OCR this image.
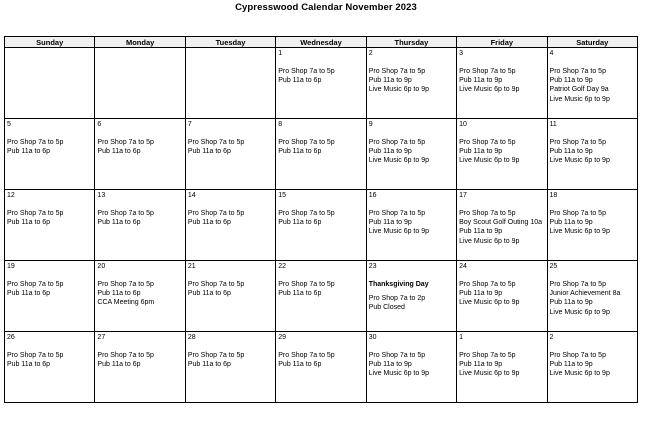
Cypresswood Calendar November 2023
Sunday	Monday	Tuesday	Wednesday	Thursday	Friday	Saturday

			1
Pro Shop 7a to 5p
Pub 11a to 6p	2
Pro Shop 7a to 5p
Pub 11a to 9p
Live Music 6p to 9p	3
Pro Shop 7a to 5p
Pub 11a to 9p
Live Music 6p to 9p	4
Pro Shop 7a to 5p
Pub 11a to 9p
Patriot Golf Day 9a
Live Music 6p to 9p

5
Pro Shop 7a to 5p
Pub 11a to 6p	6
Pro Shop 7a to 5p
Pub 11a to 6p	7
Pro Shop 7a to 5p
Pub 11a to 6p	8
Pro Shop 7a to 5p
Pub 11a to 6p	9
Pro Shop 7a to 5p
Pub 11a to 9p
Live Music 6p to 9p	10
Pro Shop 7a to 5p
Pub 11a to 9p
Live Music 6p to 9p	11
Pro Shop 7a to 5p
Pub 11a to 9p
Live Music 6p to 9p

12
Pro Shop 7a to 5p
Pub 11a to 6p	13
Pro Shop 7a to 5p
Pub 11a to 6p	14
Pro Shop 7a to 5p
Pub 11a to 6p	15
Pro Shop 7a to 5p
Pub 11a to 6p	16
Pro Shop 7a to 5p
Pub 11a to 9p
Live Music 6p to 9p	17
Pro Shop 7a to 5p
Boy Scout Golf Outing 10a
Pub 11a to 9p
Live Music 6p to 9p	18
Pro Shop 7a to 5p
Pub 11a to 9p
Live Music 6p to 9p

19
Pro Shop 7a to 5p
Pub 11a to 6p	20
Pro Shop 7a to 5p
Pub 11a to 6p
CCA Meeting 6pm	21
Pro Shop 7a to 5p
Pub 11a to 6p	22
Pro Shop 7a to 5p
Pub 11a to 6p	23
Thanksgiving Day
Pro Shop 7a to 2p
Pub Closed	24
Pro Shop 7a to 5p
Pub 11a to 9p
Live Music 6p to 9p	25
Pro Shop 7a to 5p
Junior Achievement 8a
Pub 11a to 9p
Live Music 6p to 9p

26
Pro Shop 7a to 5p
Pub 11a to 6p	27
Pro Shop 7a to 5p
Pub 11a to 6p	28
Pro Shop 7a to 5p
Pub 11a to 6p	29
Pro Shop 7a to 5p
Pub 11a to 6p	30
Pro Shop 7a to 5p
Pub 11a to 9p
Live Music 6p to 9p	1
Pro Shop 7a to 5p
Pub 11a to 9p
Live Music 6p to 9p	2
Pro Shop 7a to 5p
Pub 11a to 9p
Live Music 6p to 9p
